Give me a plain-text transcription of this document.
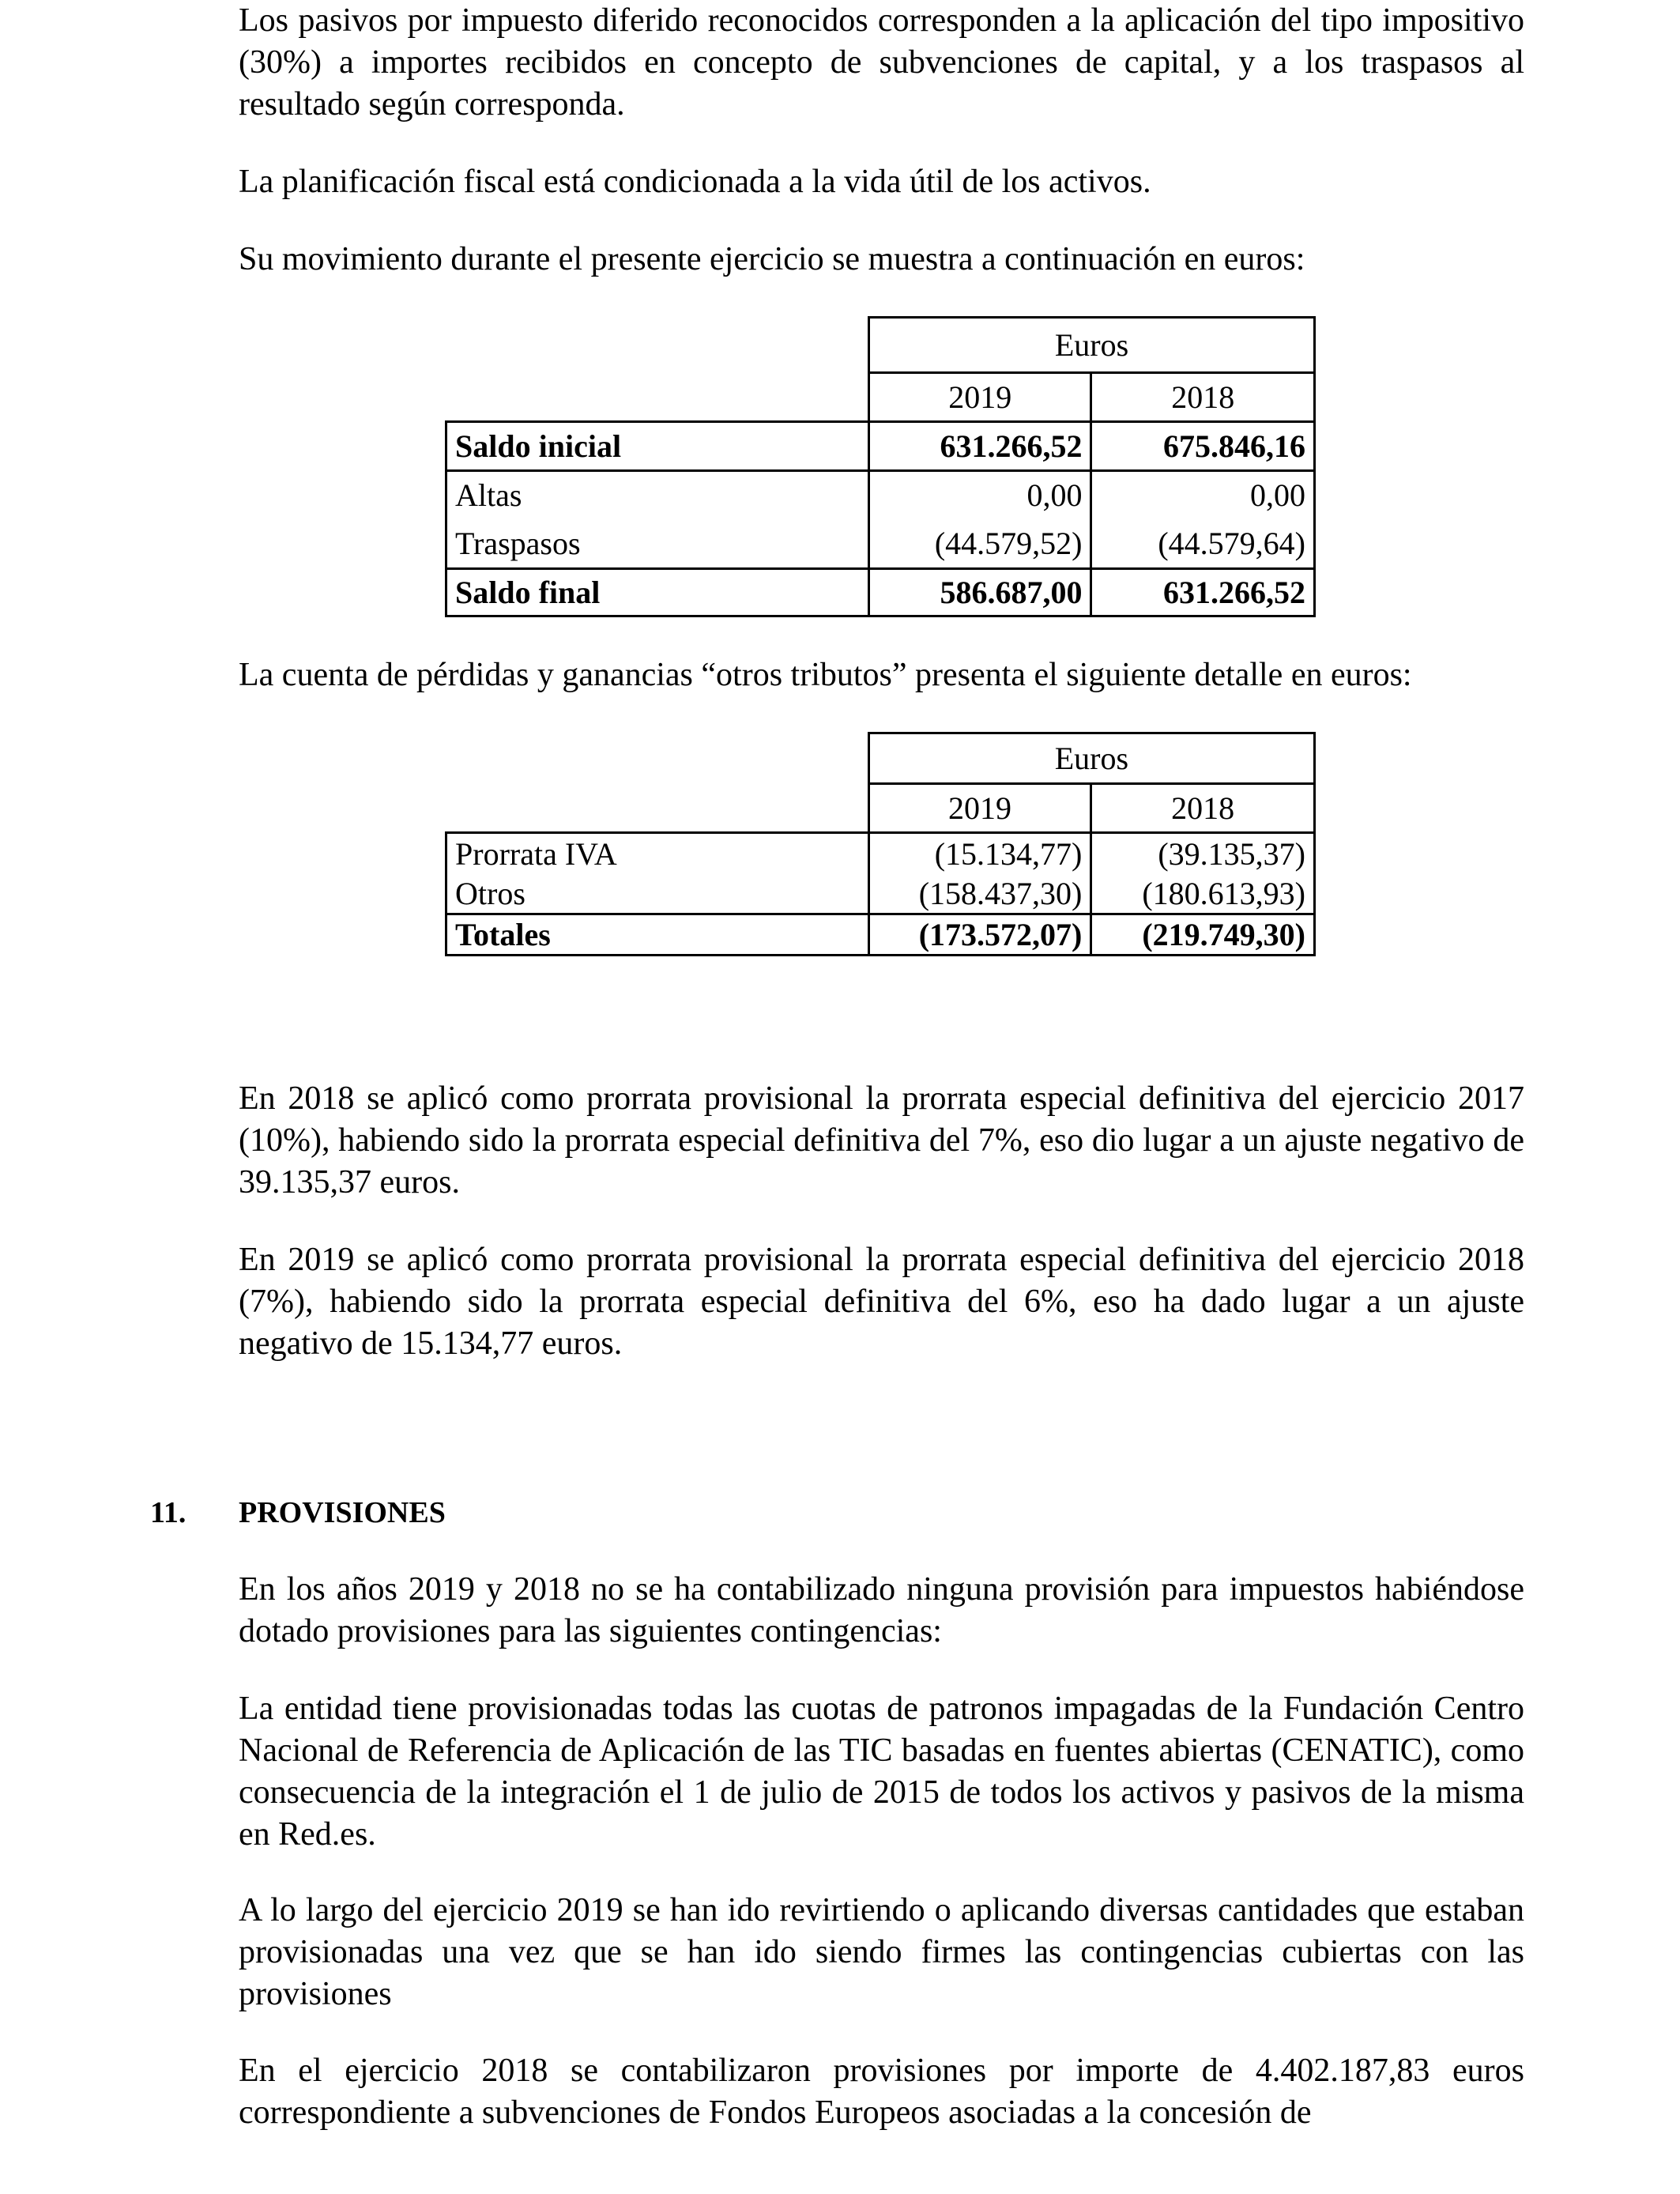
Los pasivos por impuesto diferido reconocidos corresponden a la aplicación del tipo impositivo (30%) a importes recibidos en concepto de subvenciones de capital, y a los traspasos al resultado según corresponda.

La planificación fiscal está condicionada a la vida útil de los activos.

Su movimiento durante el presente ejercicio se muestra a continuación en euros:

	Euros	
	2019	2018
Saldo inicial	631.266,52	675.846,16
Altas	0,00	0,00
Traspasos	(44.579,52)	(44.579,64)
Saldo final	586.687,00	631.266,52

La cuenta de pérdidas y ganancias “otros tributos” presenta el siguiente detalle en euros:

	Euros	
	2019	2018
Prorrata IVA	(15.134,77)	(39.135,37)
Otros	(158.437,30)	(180.613,93)
Totales	(173.572,07)	(219.749,30)

En 2018 se aplicó como prorrata provisional la prorrata especial definitiva del ejercicio 2017 (10%), habiendo sido la prorrata especial definitiva del 7%, eso dio lugar a un ajuste negativo de 39.135,37 euros.

En 2019 se aplicó como prorrata provisional la prorrata especial definitiva del ejercicio 2018 (7%), habiendo sido la prorrata especial definitiva del 6%, eso ha dado lugar a un ajuste negativo de 15.134,77 euros.

11. PROVISIONES

En los años 2019 y 2018 no se ha contabilizado ninguna provisión para impuestos habiéndose dotado provisiones para las siguientes contingencias:

La entidad tiene provisionadas todas las cuotas de patronos impagadas de la Fundación Centro Nacional de Referencia de Aplicación de las TIC basadas en fuentes abiertas (CENATIC), como consecuencia de la integración el 1 de julio de 2015 de todos los activos y pasivos de la misma en Red.es.

A lo largo del ejercicio 2019 se han ido revirtiendo o aplicando diversas cantidades que estaban provisionadas una vez que se han ido siendo firmes las contingencias cubiertas con las provisiones

En el ejercicio 2018 se contabilizaron provisiones por importe de 4.402.187,83 euros correspondiente a subvenciones de Fondos Europeos asociadas a la concesión de
